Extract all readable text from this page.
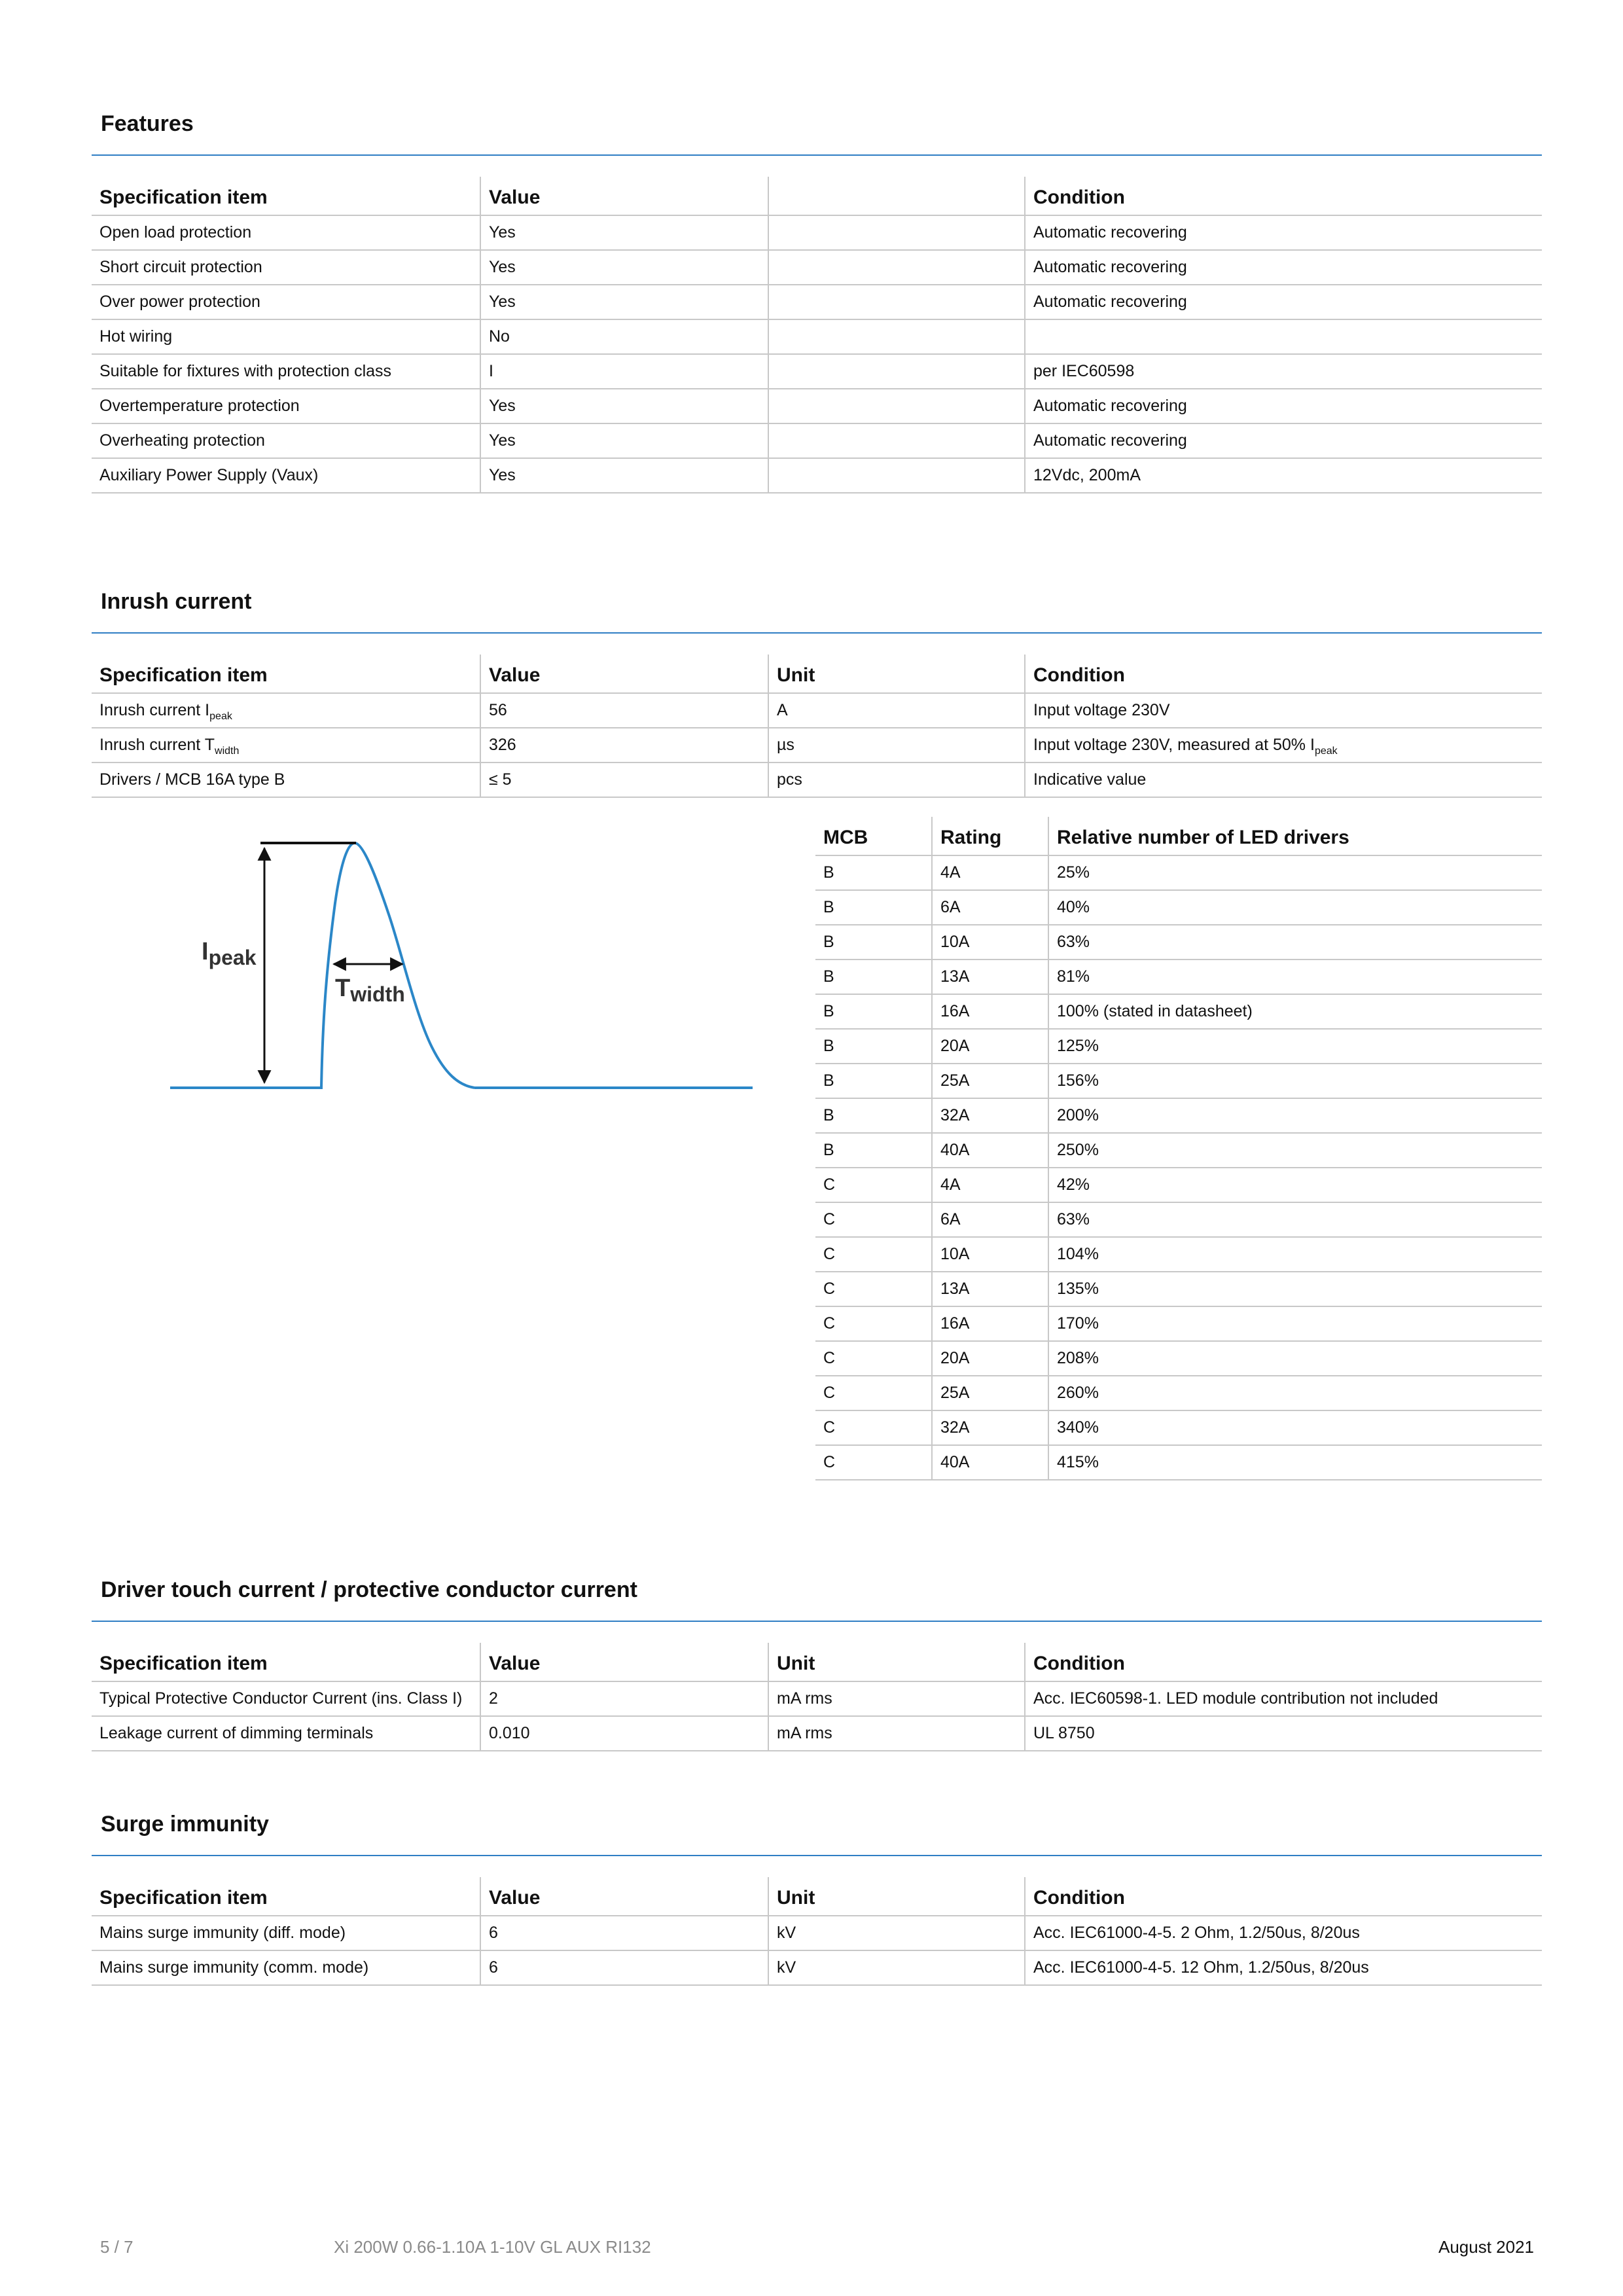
Features
Specification item	Value		Condition
Open load protection	Yes		Automatic recovering
Short circuit protection	Yes		Automatic recovering
Over power protection	Yes		Automatic recovering
Hot wiring	No		
Suitable for fixtures with protection class	I		per IEC60598
Overtemperature protection	Yes		Automatic recovering
Overheating protection	Yes		Automatic recovering
Auxiliary Power Supply (Vaux)	Yes		12Vdc, 200mA
Inrush current
Specification item	Value	Unit	Condition
Inrush current $I_{peak}$	56	A	Input voltage 230V
Inrush current $T_{width}$	326	µs	Input voltage 230V, measured at 50% $I_{peak}$
Drivers / MCB 16A type B	≤ 5	pcs	Indicative value
$I_{peak}$
$T_{width}$
MCB	Rating	Relative number of LED drivers
B	4A	25%
B	6A	40%
B	10A	63%
B	13A	81%
B	16A	100% (stated in datasheet)
B	20A	125%
B	25A	156%
B	32A	200%
B	40A	250%
C	4A	42%
C	6A	63%
C	10A	104%
C	13A	135%
C	16A	170%
C	20A	208%
C	25A	260%
C	32A	340%
C	40A	415%
Driver touch current / protective conductor current
Specification item	Value	Unit	Condition
Typical Protective Conductor Current (ins. Class I)	2	mA rms	Acc. IEC60598-1. LED module contribution not included
Leakage current of dimming terminals	0.010	mA rms	UL 8750
Surge immunity
Specification item	Value	Unit	Condition
Mains surge immunity (diff. mode)	6	kV	Acc. IEC61000-4-5. 2 Ohm, 1.2/50us, 8/20us
Mains surge immunity (comm. mode)	6	kV	Acc. IEC61000-4-5. 12 Ohm, 1.2/50us, 8/20us
5 / 7	Xi 200W 0.66-1.10A 1-10V GL AUX RI132	August 2021
